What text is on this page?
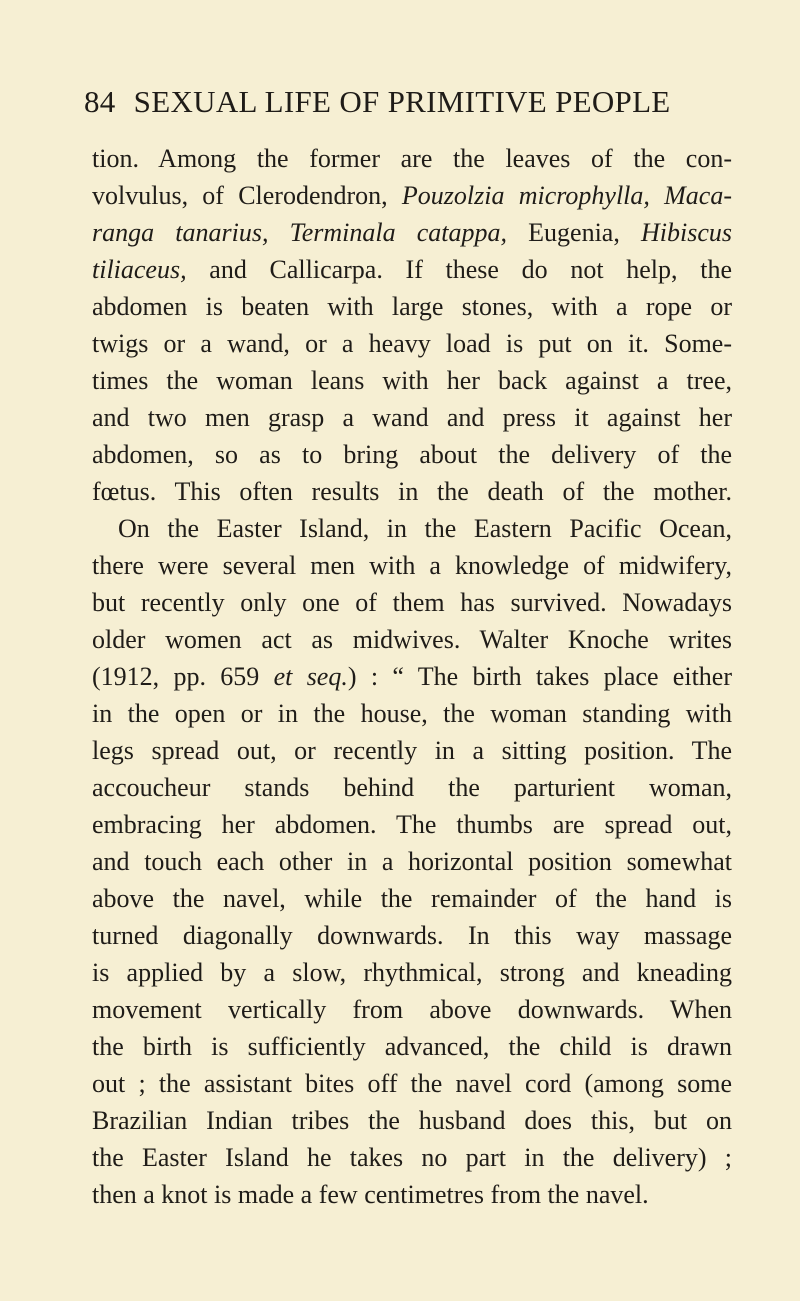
84 SEXUAL LIFE OF PRIMITIVE PEOPLE
tion. Among the former are the leaves of the con-
volvulus, of Clerodendron, Pouzolzia microphylla, Maca-
ranga tanarius, Terminala catappa, Eugenia, Hibiscus
tiliaceus, and Callicarpa. If these do not help, the
abdomen is beaten with large stones, with a rope or
twigs or a wand, or a heavy load is put on it. Some-
times the woman leans with her back against a tree,
and two men grasp a wand and press it against her
abdomen, so as to bring about the delivery of the
fœtus. This often results in the death of the mother.
On the Easter Island, in the Eastern Pacific Ocean,
there were several men with a knowledge of midwifery,
but recently only one of them has survived. Nowadays
older women act as midwives. Walter Knoche writes
(1912, pp. 659 et seq.) : “ The birth takes place either
in the open or in the house, the woman standing with
legs spread out, or recently in a sitting position. The
accoucheur stands behind the parturient woman,
embracing her abdomen. The thumbs are spread out,
and touch each other in a horizontal position somewhat
above the navel, while the remainder of the hand is
turned diagonally downwards. In this way massage
is applied by a slow, rhythmical, strong and kneading
movement vertically from above downwards. When
the birth is sufficiently advanced, the child is drawn
out ; the assistant bites off the navel cord (among some
Brazilian Indian tribes the husband does this, but on
the Easter Island he takes no part in the delivery) ;
then a knot is made a few centimetres from the navel.
